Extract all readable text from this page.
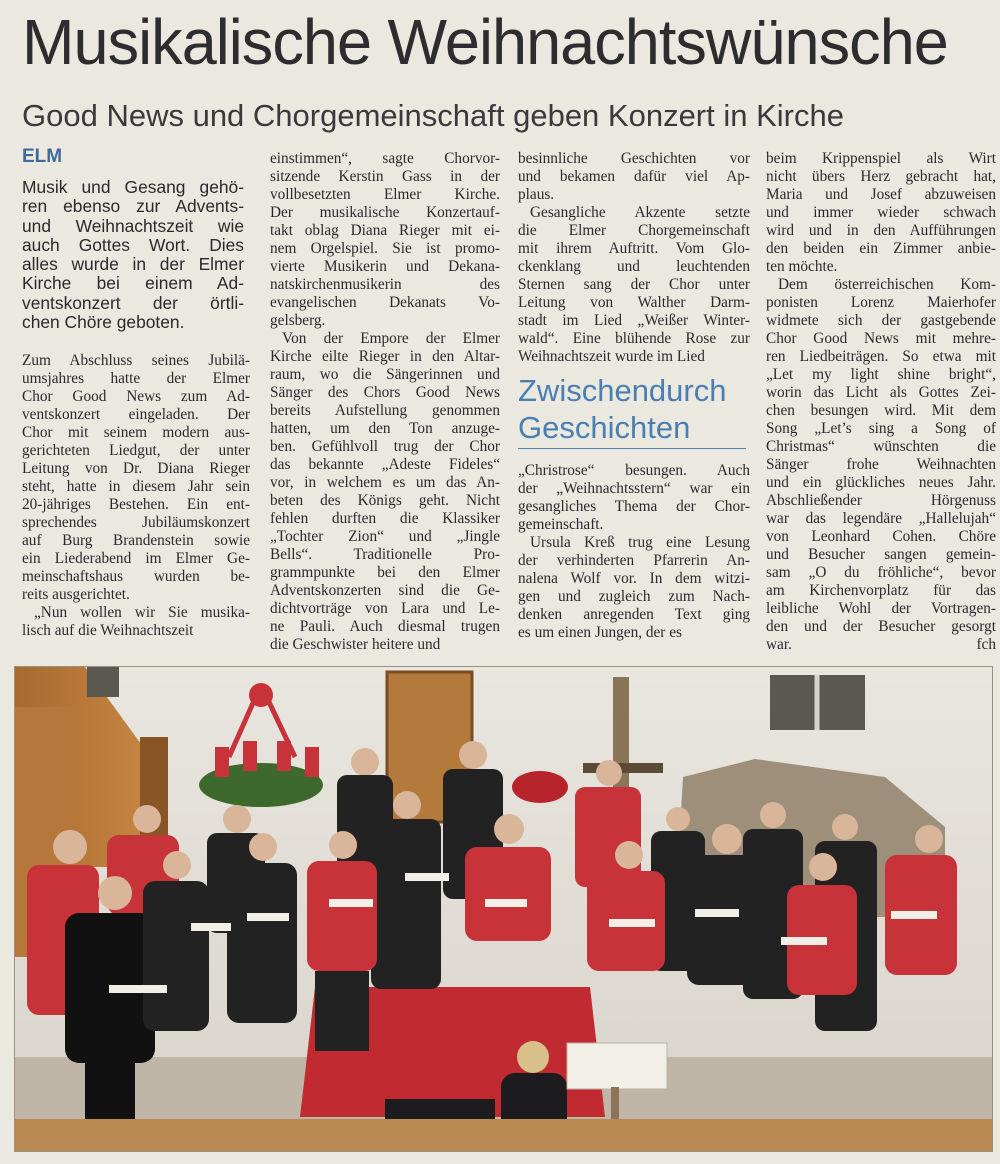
Musikalische Weihnachtswünsche
Good News und Chorgemeinschaft geben Konzert in Kirche
ELM

Musik und Gesang gehö-

ren ebenso zur Advents-

und Weihnachtszeit wie

auch Gottes Wort. Dies

alles wurde in der Elmer

Kirche bei einem Ad-

ventskonzert der örtli-

chen Chöre geboten.

Zum Abschluss seines Jubilä-

umsjahres hatte der Elmer

Chor Good News zum Ad-

ventskonzert eingeladen. Der

Chor mit seinem modern aus-

gerichteten Liedgut, der unter

Leitung von Dr. Diana Rieger

steht, hatte in diesem Jahr sein

20-jähriges Bestehen. Ein ent-

sprechendes Jubiläumskonzert

auf Burg Brandenstein sowie

ein Liederabend im Elmer Ge-

meinschaftshaus wurden be-

reits ausgerichtet.

„Nun wollen wir Sie musika-

lisch auf die Weihnachtszeit

einstimmen“, sagte Chorvor-

sitzende Kerstin Gass in der

vollbesetzten Elmer Kirche.

Der musikalische Konzertauf-

takt oblag Diana Rieger mit ei-

nem Orgelspiel. Sie ist promo-

vierte Musikerin und Dekana-

natskirchenmusikerin des

evangelischen Dekanats Vo-

gelsberg.

Von der Empore der Elmer

Kirche eilte Rieger in den Altar-

raum, wo die Sängerinnen und

Sänger des Chors Good News

bereits Aufstellung genommen

hatten, um den Ton anzuge-

ben. Gefühlvoll trug der Chor

das bekannte „Adeste Fideles“

vor, in welchem es um das An-

beten des Königs geht. Nicht

fehlen durften die Klassiker

„Tochter Zion“ und „Jingle

Bells“. Traditionelle Pro-

grammpunkte bei den Elmer

Adventskonzerten sind die Ge-

dichtvorträge von Lara und Le-

ne Pauli. Auch diesmal trugen

die Geschwister heitere und

besinnliche Geschichten vor

und bekamen dafür viel Ap-

plaus.

Gesangliche Akzente setzte

die Elmer Chorgemeinschaft

mit ihrem Auftritt. Vom Glo-

ckenklang und leuchtenden

Sternen sang der Chor unter

Leitung von Walther Darm-

stadt im Lied „Weißer Winter-

wald“. Eine blühende Rose zur

Weihnachtszeit wurde im Lied

Zwischendurch
Geschichten

„Christrose“ besungen. Auch

der „Weihnachtsstern“ war ein

gesangliches Thema der Chor-

gemeinschaft.

Ursula Kreß trug eine Lesung

der verhinderten Pfarrerin An-

nalena Wolf vor. In dem witzi-

gen und zugleich zum Nach-

denken anregenden Text ging

es um einen Jungen, der es

beim Krippenspiel als Wirt

nicht übers Herz gebracht hat,

Maria und Josef abzuweisen

und immer wieder schwach

wird und in den Aufführungen

den beiden ein Zimmer anbie-

ten möchte.

Dem österreichischen Kom-

ponisten Lorenz Maierhofer

widmete sich der gastgebende

Chor Good News mit mehre-

ren Liedbeiträgen. So etwa mit

„Let my light shine bright“,

worin das Licht als Gottes Zei-

chen besungen wird. Mit dem

Song „Let’s sing a Song of

Christmas“ wünschten die

Sänger frohe Weihnachten

und ein glückliches neues Jahr.

Abschließender Hörgenuss

war das legendäre „Hallelujah“

von Leonhard Cohen. Chöre

und Besucher sangen gemein-

sam „O du fröhliche“, bevor

am Kirchenvorplatz für das

leibliche Wohl der Vortragen-

den und der Besucher gesorgt

war.	fch
